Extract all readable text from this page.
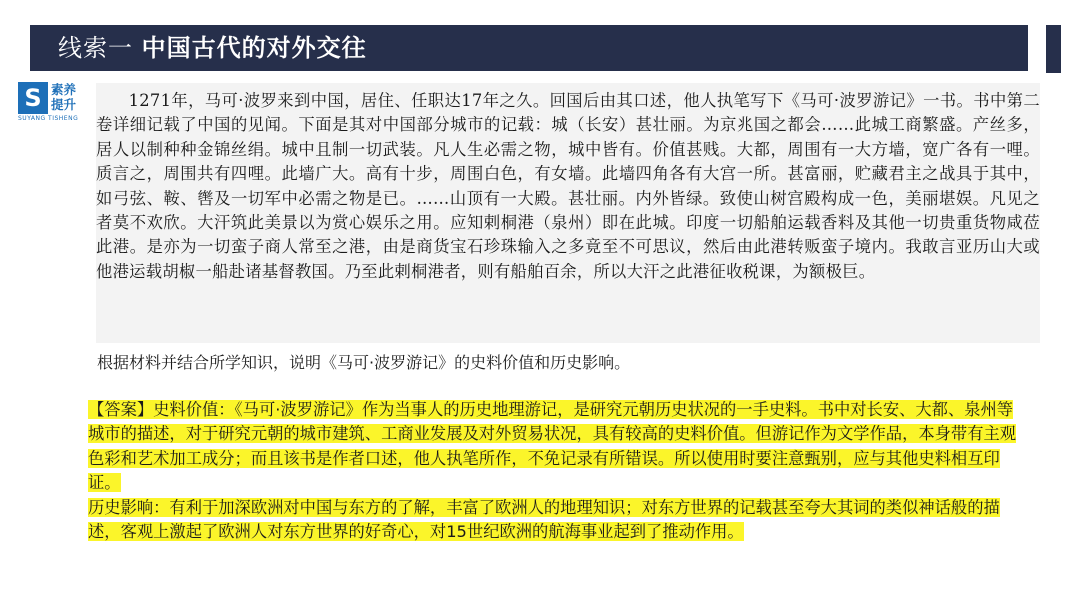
线索一 中国古代的对外交往
S 素养
提升
SUYANG TISHENG

1271年，马可·波罗来到中国，居住、任职达17年之久。回国后由其口述，他人执笔写下《马可·波罗游记》一书。书中第二卷详细记载了中国的见闻。下面是其对中国部分城市的记载：城（长安）甚壮丽。为京兆国之都会……此城工商繁盛。产丝多，居人以制种种金锦丝绢。城中且制一切武装。凡人生必需之物，城中皆有。价值甚贱。大都，周围有一大方墙，宽广各有一哩。质言之，周围共有四哩。此墙广大。高有十步，周围白色，有女墙。此墙四角各有大宫一所。甚富丽，贮藏君主之战具于其中，如弓弦、鞍、辔及一切军中必需之物是已。……山顶有一大殿。甚壮丽。内外皆绿。致使山树宫殿构成一色，美丽堪娱。凡见之者莫不欢欣。大汗筑此美景以为赏心娱乐之用。应知剌桐港（泉州）即在此城。印度一切船舶运载香料及其他一切贵重货物咸莅此港。是亦为一切蛮子商人常至之港，由是商货宝石珍珠输入之多竟至不可思议，然后由此港转贩蛮子境内。我敢言亚历山大或他港运载胡椒一船赴诸基督教国。乃至此剌桐港者，则有船舶百余，所以大汗之此港征收税课，为额极巨。

根据材料并结合所学知识，说明《马可·波罗游记》的史料价值和历史影响。
【答案】史料价值：《马可·波罗游记》作为当事人的历史地理游记，是研究元朝历史状况的一手史料。书中对长安、大都、泉州等城市的描述，对于研究元朝的城市建筑、工商业发展及对外贸易状况，具有较高的史料价值。但游记作为文学作品，本身带有主观色彩和艺术加工成分；而且该书是作者口述，他人执笔所作，不免记录有所错误。所以使用时要注意甄别，应与其他史料相互印证。
历史影响：有利于加深欧洲对中国与东方的了解，丰富了欧洲人的地理知识；对东方世界的记载甚至夸大其词的类似神话般的描述，客观上激起了欧洲人对东方世界的好奇心，对15世纪欧洲的航海事业起到了推动作用。
